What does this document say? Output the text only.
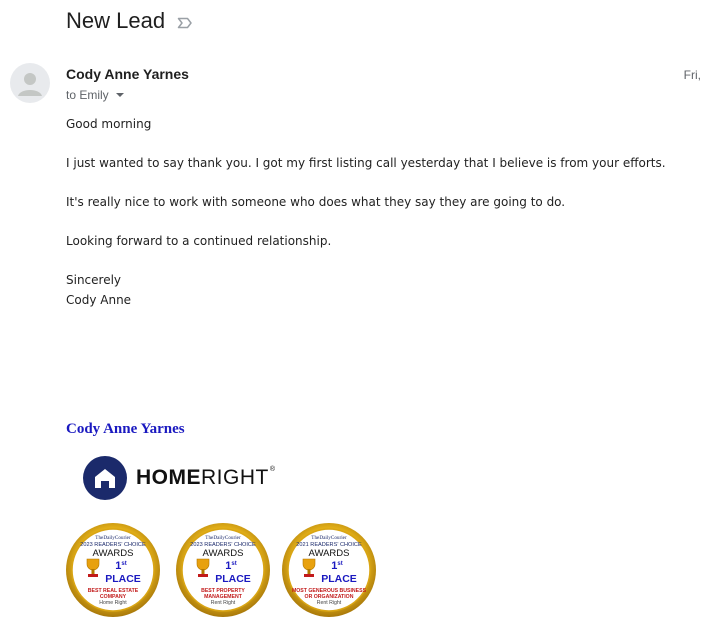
New Lead
Cody Anne Yarnes	Fri,
to Emily

Good morning

I just wanted to say thank you. I got my first listing call yesterday that I believe is from your efforts.

It's really nice to work with someone who does what they say they are going to do.

Looking forward to a continued relationship.

Sincerely

Cody Anne

Cody Anne Yarnes
HOMERIGHT®
TheDailyCourier
2023 READERS' CHOICE
AWARDS
1st
PLACE
BEST REAL ESTATE
COMPANY
Home Right
TheDailyCourier
2023 READERS' CHOICE
AWARDS
1st
PLACE
BEST PROPERTY
MANAGEMENT
Rent Right
TheDailyCourier
2021 READERS' CHOICE
AWARDS
1st
PLACE
MOST GENEROUS BUSINESS
OR ORGANIZATION
Rent Right
